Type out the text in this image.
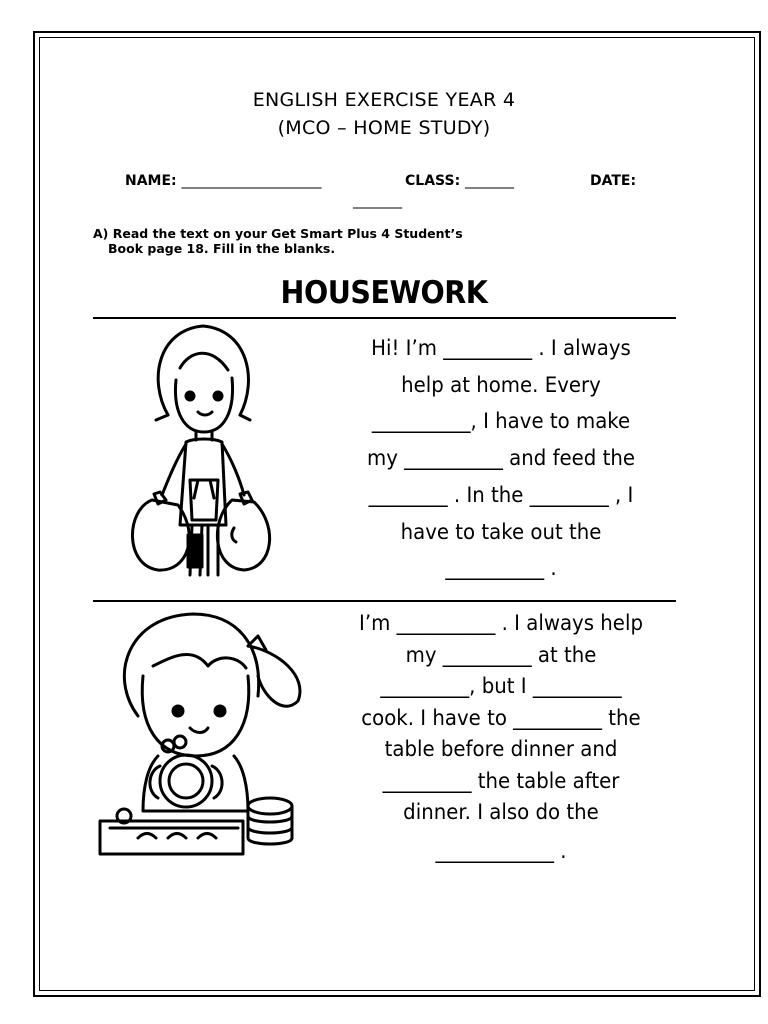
ENGLISH EXERCISE YEAR 4
(MCO – HOME STUDY)
NAME: ____________________	CLASS: _______	DATE:
_______
A) Read the text on your Get Smart Plus 4 Student’s
Book page 18. Fill in the blanks.
HOUSEWORK
Hi! I’m _________ . I always
help at home. Every
__________, I have to make
my __________ and feed the
________ . In the ________ , I
have to take out the
__________ .
I’m __________ . I always help
my _________ at the
_________, but I _________
cook. I have to _________ the
table before dinner and
_________ the table after
dinner. I also do the
____________ .
